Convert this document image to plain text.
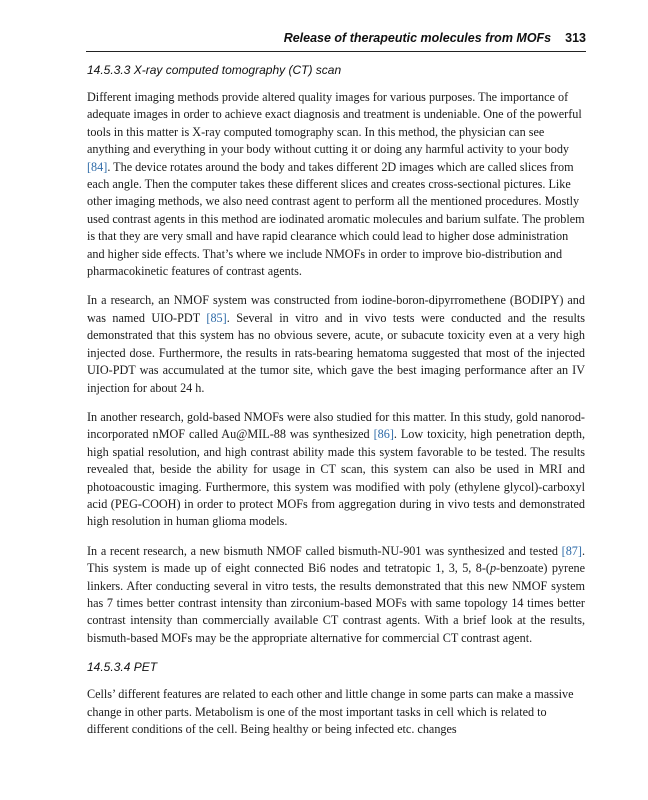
Release of therapeutic molecules from MOFs 313
14.5.3.3 X-ray computed tomography (CT) scan

Different imaging methods provide altered quality images for various purposes. The importance of adequate images in order to achieve exact diagnosis and treatment is undeniable. One of the powerful tools in this matter is X-ray computed tomography scan. In this method, the physician can see anything and everything in your body without cutting it or doing any harmful activity to your body [84]. The device rotates around the body and takes different 2D images which are called slices from each angle. Then the computer takes these different slices and creates cross-sectional pictures. Like other imaging methods, we also need contrast agent to perform all the mentioned procedures. Mostly used contrast agents in this method are iodinated aromatic molecules and barium sulfate. The problem is that they are very small and have rapid clearance which could lead to higher dose administration and higher side effects. That’s where we include NMOFs in order to improve bio-distribution and pharmacokinetic features of contrast agents.

In a research, an NMOF system was constructed from iodine-boron-dipyrromethene (BODIPY) and was named UIO-PDT [85]. Several in vitro and in vivo tests were conducted and the results demonstrated that this system has no obvious severe, acute, or subacute toxicity even at a very high injected dose. Furthermore, the results in rats-bearing hematoma suggested that most of the injected UIO-PDT was accumulated at the tumor site, which gave the best imaging performance after an IV injection for about 24 h.

In another research, gold-based NMOFs were also studied for this matter. In this study, gold nanorod-incorporated nMOF called Au@MIL-88 was synthesized [86]. Low toxicity, high penetration depth, high spatial resolution, and high contrast ability made this system favorable to be tested. The results revealed that, beside the ability for usage in CT scan, this system can also be used in MRI and photoacoustic imaging. Furthermore, this system was modified with poly (ethylene glycol)-carboxyl acid (PEG-COOH) in order to protect MOFs from aggregation during in vivo tests and demonstrated high resolution in human glioma models.

In a recent research, a new bismuth NMOF called bismuth-NU-901 was synthesized and tested [87]. This system is made up of eight connected Bi6 nodes and tetratopic 1, 3, 5, 8-(p-benzoate) pyrene linkers. After conducting several in vitro tests, the results demonstrated that this new NMOF system has 7 times better contrast intensity than zirconium-based MOFs with same topology 14 times better contrast intensity than commercially available CT contrast agents. With a brief look at the results, bismuth-based MOFs may be the appropriate alternative for commercial CT contrast agent.

14.5.3.4 PET

Cells’ different features are related to each other and little change in some parts can make a massive change in other parts. Metabolism is one of the most important tasks in cell which is related to different conditions of the cell. Being healthy or being infected etc. changes
